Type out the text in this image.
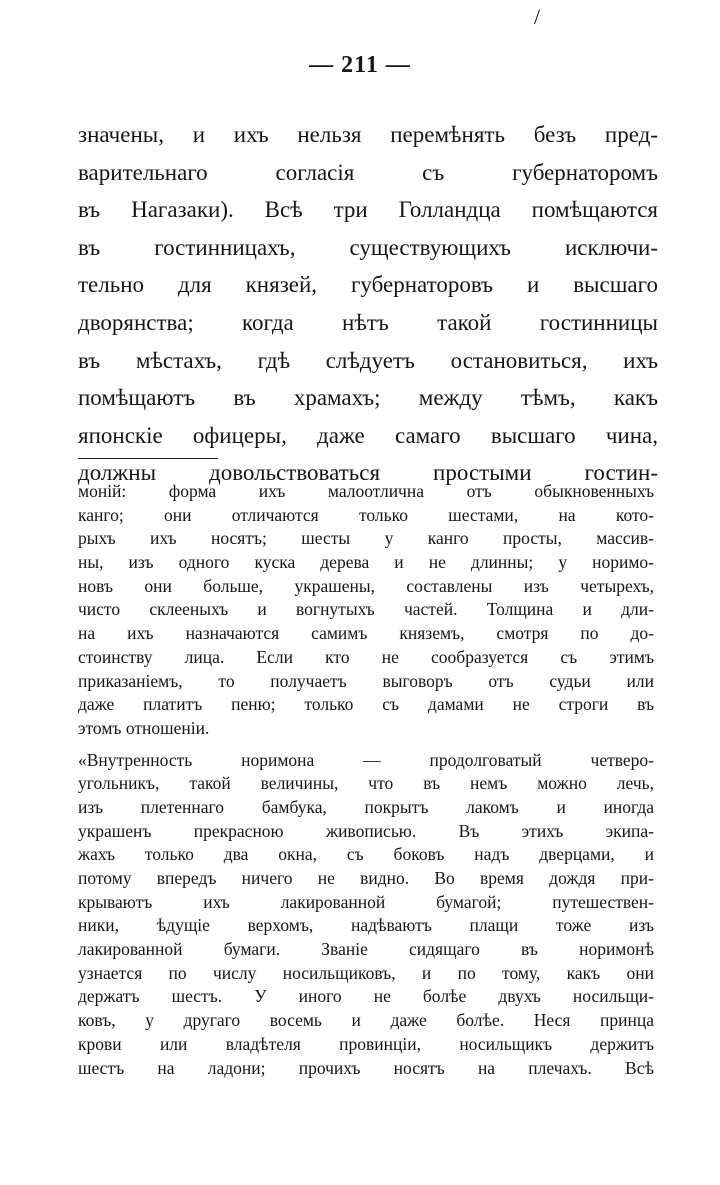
/
— 211 —
значены, и ихъ нельзя перемѣнять безъ пред-
варительнаго согласія съ губернаторомъ
въ Нагазаки). Всѣ три Голландца помѣщаются
въ гостинницахъ, существующихъ исключи-
тельно для князей, губернаторовъ и высшаго
дворянства; когда нѣтъ такой гостинницы
въ мѣстахъ, гдѣ слѣдуетъ остановиться, ихъ
помѣщаютъ въ храмахъ; между тѣмъ, какъ
японскіе офицеры, даже самаго высшаго чина,
должны довольствоваться простыми гостин-
моній: форма ихъ малоотлична отъ обыкновенныхъ
канго; они отличаются только шестами, на кото-
рыхъ ихъ носятъ; шесты у канго просты, массив-
ны, изъ одного куска дерева и не длинны; у норимо-
новъ они больше, украшены, составлены изъ четырехъ,
чисто склееныхъ и вогнутыхъ частей. Толщина и дли-
на ихъ назначаются самимъ княземъ, смотря по до-
стоинству лица. Если кто не сообразуется съ этимъ
приказаніемъ, то получаетъ выговоръ отъ судьи или
даже платитъ пеню; только съ дамами не строги въ
этомъ отношеніи.
«Внутренность норимона — продолговатый четверо-
угольникъ, такой величины, что въ немъ можно лечь,
изъ плетеннаго бамбука, покрытъ лакомъ и иногда
украшенъ прекрасною живописью. Въ этихъ экипа-
жахъ только два окна, съ боковъ надъ дверцами, и
потому впередъ ничего не видно. Во время дождя при-
крываютъ ихъ лакированной бумагой; путешествен-
ники, ѣдущіе верхомъ, надѣваютъ плащи тоже изъ
лакированной бумаги. Званіе сидящаго въ норимонѣ
узнается по числу носильщиковъ, и по тому, какъ они
держатъ шестъ. У иного не болѣе двухъ носильщи-
ковъ, у другаго восемь и даже болѣе. Неся принца
крови или владѣтеля провинціи, носильщикъ держитъ
шестъ на ладони; прочихъ носятъ на плечахъ. Всѣ
